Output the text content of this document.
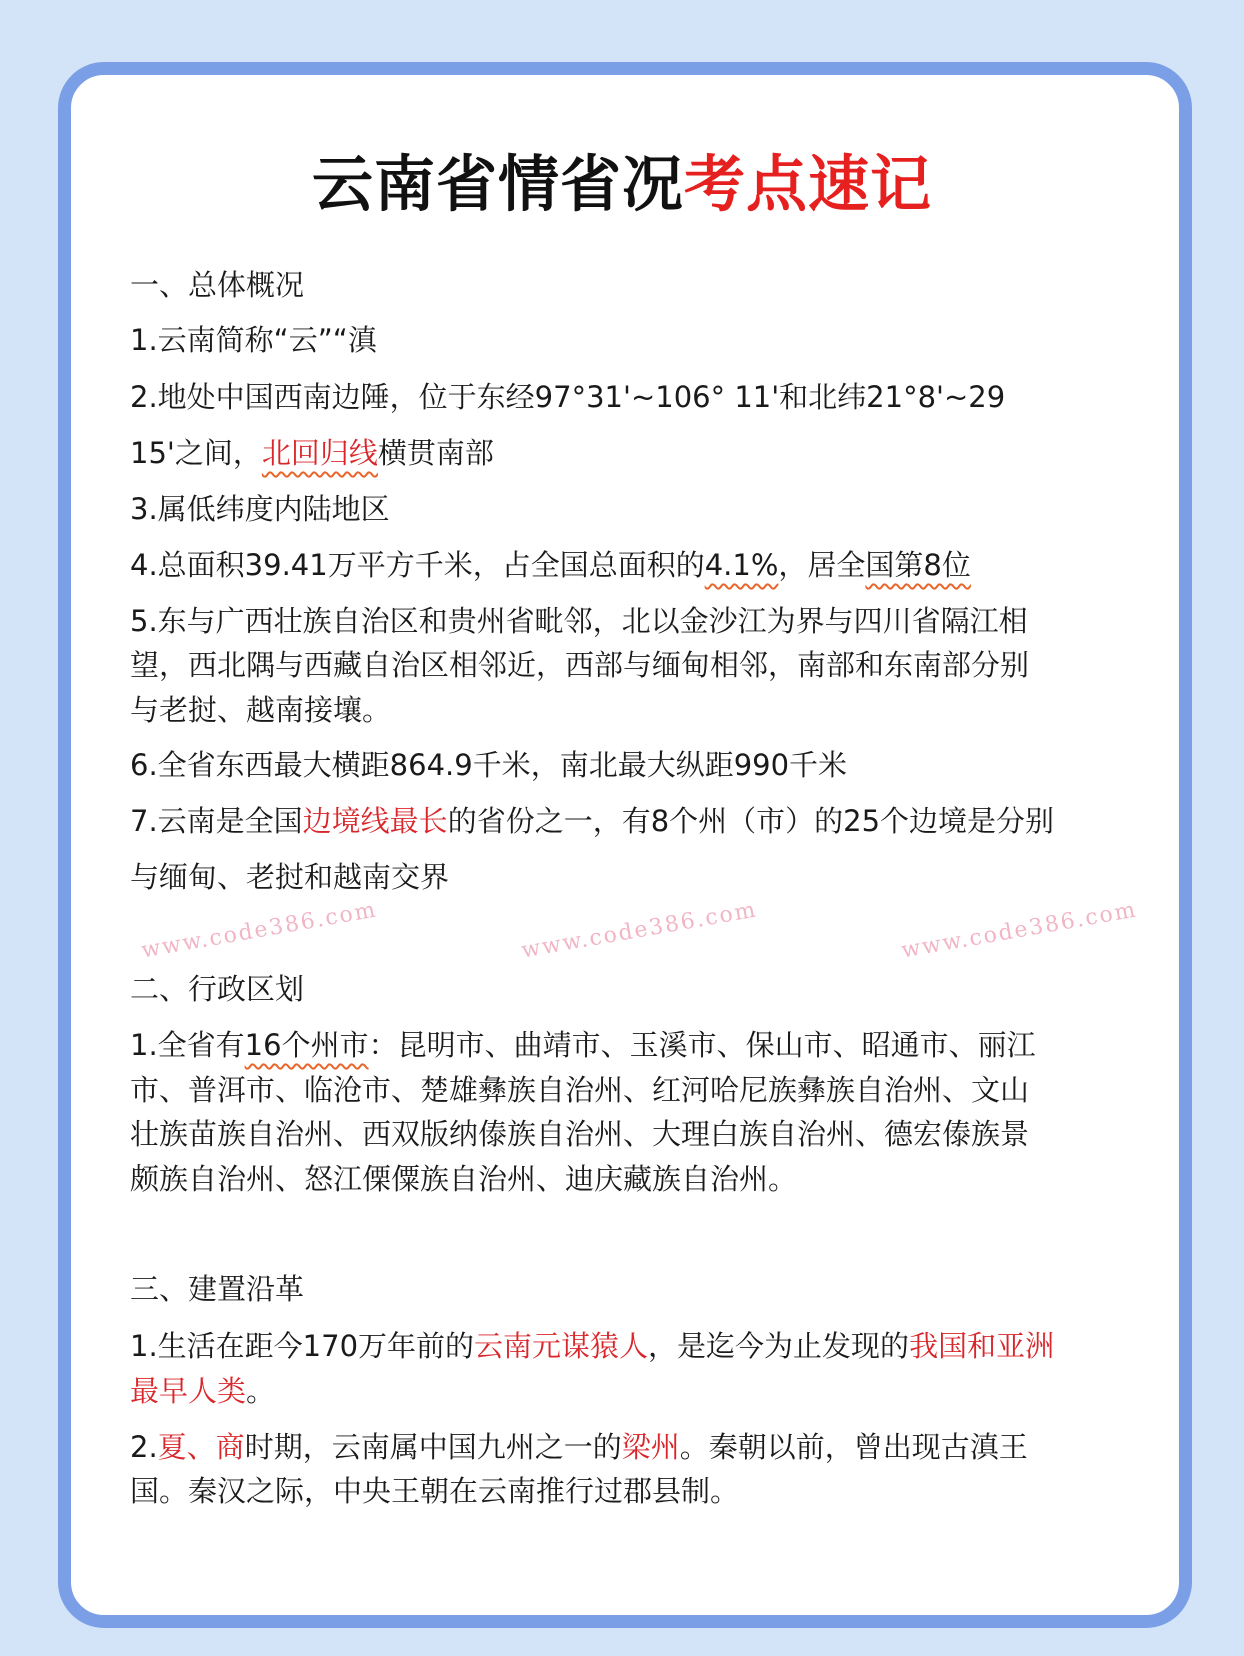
云南省情省况考点速记
一、总体概况
1.云南简称“云”“滇
2.地处中国西南边陲，位于东经97°31'~106° 11'和北纬21°8'~29
15'之间，北回归线横贯南部
3.属低纬度内陆地区
4.总面积39.41万平方千米，占全国总面积的4.1%，居全国第8位
5.东与广西壮族自治区和贵州省毗邻，北以金沙江为界与四川省隔江相
望，西北隅与西藏自治区相邻近，西部与缅甸相邻，南部和东南部分别
与老挝、越南接壤。
6.全省东西最大横距864.9千米，南北最大纵距990千米
7.云南是全国边境线最长的省份之一，有8个州（市）的25个边境是分别
与缅甸、老挝和越南交界
www.code386.com	www.code386.com	www.code386.com
二、行政区划
1.全省有16个州市：昆明市、曲靖市、玉溪市、保山市、昭通市、丽江
市、普洱市、临沧市、楚雄彝族自治州、红河哈尼族彝族自治州、文山
壮族苗族自治州、西双版纳傣族自治州、大理白族自治州、德宏傣族景
颇族自治州、怒江傈僳族自治州、迪庆藏族自治州。
三、建置沿革
1.生活在距今170万年前的云南元谋猿人，是迄今为止发现的我国和亚洲
最早人类。
2.夏、商时期，云南属中国九州之一的梁州。秦朝以前，曾出现古滇王
国。秦汉之际，中央王朝在云南推行过郡县制。
